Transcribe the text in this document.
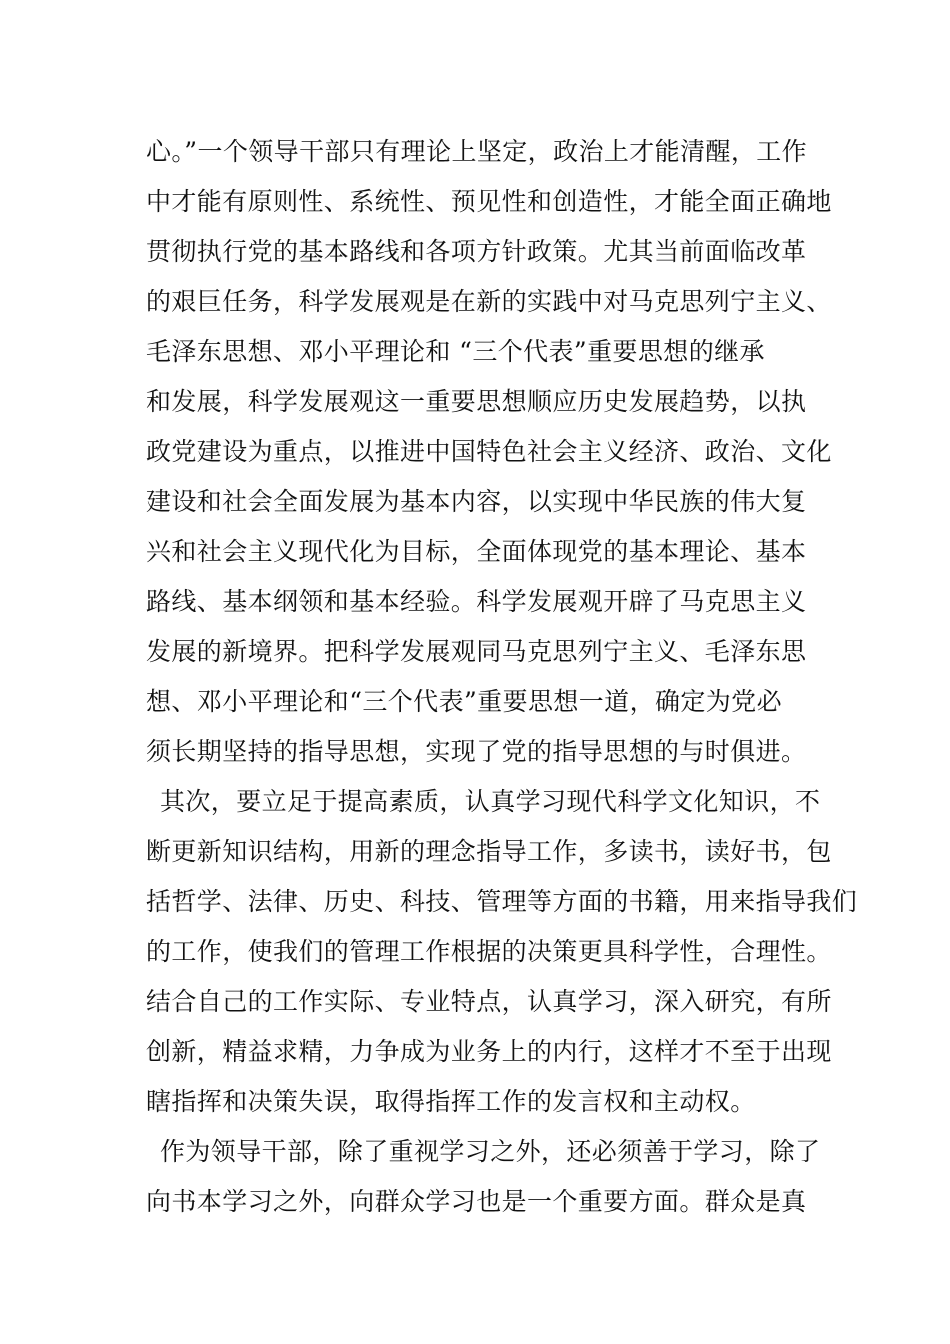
心。”一个领导干部只有理论上坚定，政治上才能清醒，工作
中才能有原则性、系统性、预见性和创造性，才能全面正确地
贯彻执行党的基本路线和各项方针政策。尤其当前面临改革
的艰巨任务，科学发展观是在新的实践中对马克思列宁主义、
毛泽东思想、邓小平理论和 “三个代表”重要思想的继承
和发展，科学发展观这一重要思想顺应历史发展趋势，以执
政党建设为重点，以推进中国特色社会主义经济、政治、文化
建设和社会全面发展为基本内容，以实现中华民族的伟大复
兴和社会主义现代化为目标，全面体现党的基本理论、基本
路线、基本纲领和基本经验。科学发展观开辟了马克思主义
发展的新境界。把科学发展观同马克思列宁主义、毛泽东思
想、邓小平理论和“三个代表”重要思想一道，确定为党必
须长期坚持的指导思想，实现了党的指导思想的与时俱进。
其次，要立足于提高素质，认真学习现代科学文化知识，不
断更新知识结构，用新的理念指导工作，多读书，读好书，包
括哲学、法律、历史、科技、管理等方面的书籍，用来指导我们
的工作，使我们的管理工作根据的决策更具科学性，合理性。
结合自己的工作实际、专业特点，认真学习，深入研究，有所
创新，精益求精，力争成为业务上的内行，这样才不至于出现
瞎指挥和决策失误，取得指挥工作的发言权和主动权。
作为领导干部，除了重视学习之外，还必须善于学习，除了
向书本学习之外，向群众学习也是一个重要方面。群众是真
